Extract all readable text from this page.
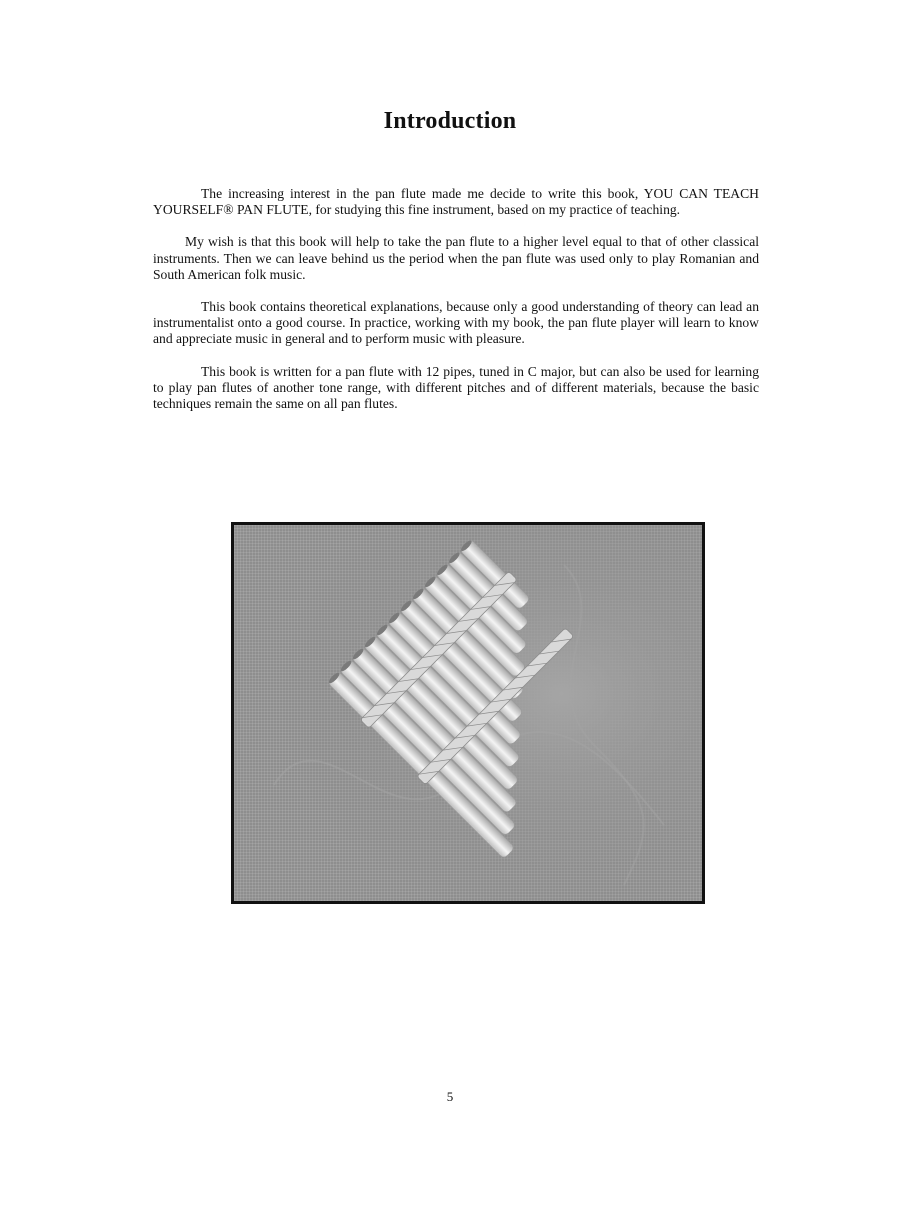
Introduction

The increasing interest in the pan flute made me decide to write this book, YOU CAN TEACH YOURSELF® PAN FLUTE, for studying this fine instrument, based on my practice of teaching.

My wish is that this book will help to take the pan flute to a higher level equal to that of other classical instruments. Then we can leave behind us the period when the pan flute was used only to play Romanian and South American folk music.

This book contains theoretical explanations, because only a good understanding of theory can lead an instrumentalist onto a good course. In practice, working with my book, the pan flute player will learn to know and appreciate music in general and to perform music with pleasure.

This book is written for a pan flute with 12 pipes, tuned in C major, but can also be used for learning to play pan flutes of another tone range, with different pitches and of different materials, because the basic techniques remain the same on all pan flutes.

5
